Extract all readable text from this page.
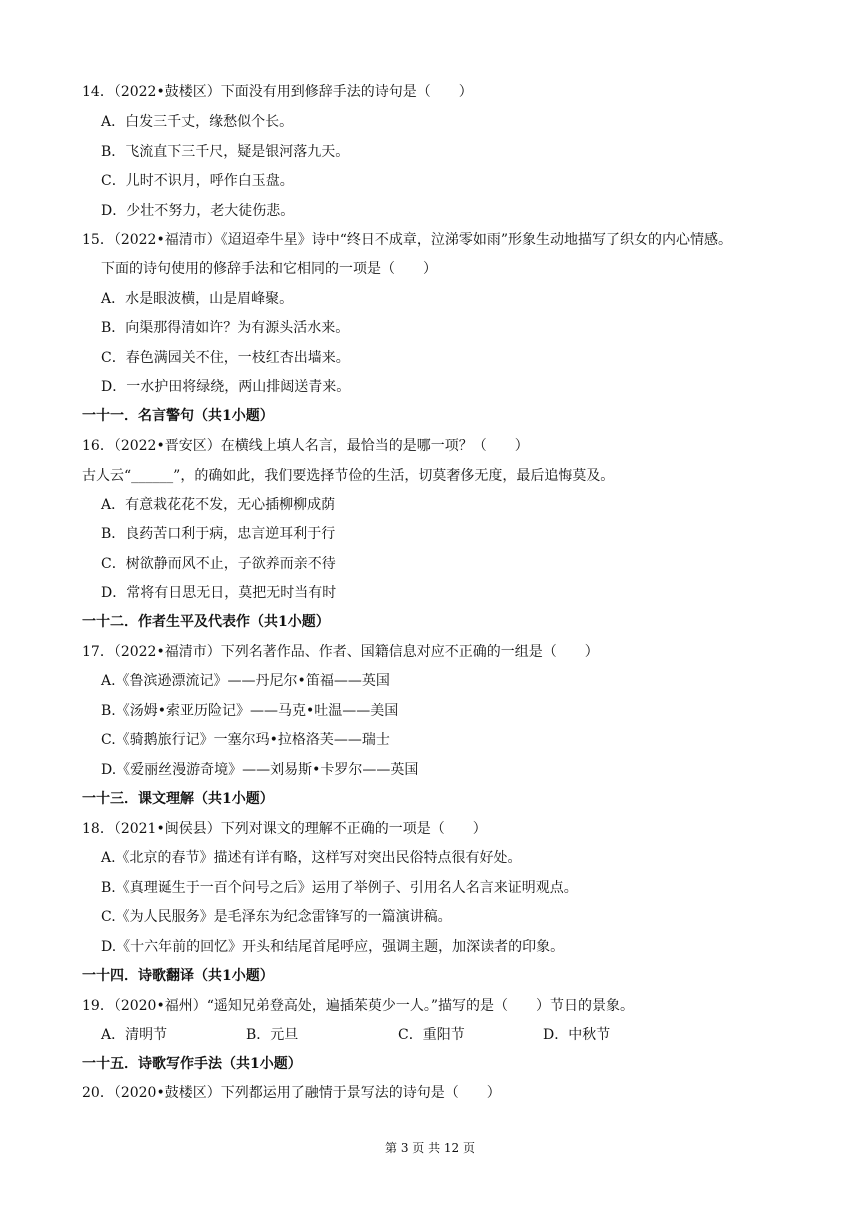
14．（2022•鼓楼区）下面没有用到修辞手法的诗句是（　　）
A．白发三千丈，缘愁似个长。
B．飞流直下三千尺，疑是银河落九天。
C．儿时不识月，呼作白玉盘。
D．少壮不努力，老大徒伤悲。
15．（2022•福清市）《迢迢牵牛星》诗中“终日不成章，泣涕零如雨”形象生动地描写了织女的内心情感。
下面的诗句使用的修辞手法和它相同的一项是（　　）
A．水是眼波横，山是眉峰聚。
B．向渠那得清如许？为有源头活水来。
C．春色满园关不住，一枝红杏出墙来。
D．一水护田将绿绕，两山排闼送青来。
一十一．名言警句（共1小题）
16．（2022•晋安区）在横线上填人名言，最恰当的是哪一项？（　　）
古人云“______”，的确如此，我们要选择节俭的生活，切莫奢侈无度，最后追悔莫及。
A．有意栽花花不发，无心插柳柳成荫
B．良药苦口利于病，忠言逆耳利于行
C．树欲静而风不止，子欲养而亲不待
D．常将有日思无日，莫把无时当有时
一十二．作者生平及代表作（共1小题）
17．（2022•福清市）下列名著作品、作者、国籍信息对应不正确的一组是（　　）
A.《鲁滨逊漂流记》——丹尼尔•笛福——英国
B.《汤姆•索亚历险记》——马克•吐温——美国
C.《骑鹅旅行记》一塞尔玛•拉格洛芙——瑞士
D.《爱丽丝漫游奇境》——刘易斯•卡罗尔——英国
一十三．课文理解（共1小题）
18．（2021•闽侯县）下列对课文的理解不正确的一项是（　　）
A.《北京的春节》描述有详有略，这样写对突出民俗特点很有好处。
B.《真理诞生于一百个问号之后》运用了举例子、引用名人名言来证明观点。
C.《为人民服务》是毛泽东为纪念雷锋写的一篇演讲稿。
D.《十六年前的回忆》开头和结尾首尾呼应，强调主题，加深读者的印象。
一十四．诗歌翻译（共1小题）
19．（2020•福州）“遥知兄弟登高处，遍插茱萸少一人。”描写的是（　　）节日的景象。
A．清明节	B．元旦	C．重阳节	D．中秋节
一十五．诗歌写作手法（共1小题）
20．（2020•鼓楼区）下列都运用了融情于景写法的诗句是（　　）
第 3 页 共 12 页
